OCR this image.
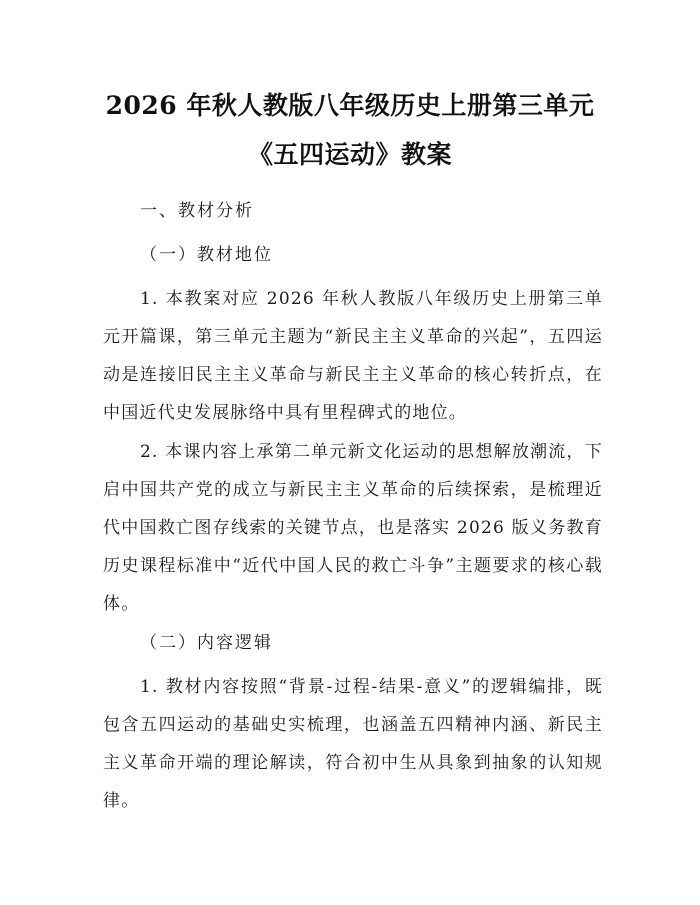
2026 年秋人教版八年级历史上册第三单元
《五四运动》教案
一、教材分析
（一）教材地位

1. 本教案对应 2026 年秋人教版八年级历史上册第三单元开篇课，第三单元主题为“新民主主义革命的兴起”，五四运动是连接旧民主主义革命与新民主主义革命的核心转折点，在中国近代史发展脉络中具有里程碑式的地位。

2. 本课内容上承第二单元新文化运动的思想解放潮流，下启中国共产党的成立与新民主主义革命的后续探索，是梳理近代中国救亡图存线索的关键节点，也是落实 2026 版义务教育历史课程标准中“近代中国人民的救亡斗争”主题要求的核心载体。

（二）内容逻辑

1. 教材内容按照“背景-过程-结果-意义”的逻辑编排，既包含五四运动的基础史实梳理，也涵盖五四精神内涵、新民主主义革命开端的理论解读，符合初中生从具象到抽象的认知规律。
